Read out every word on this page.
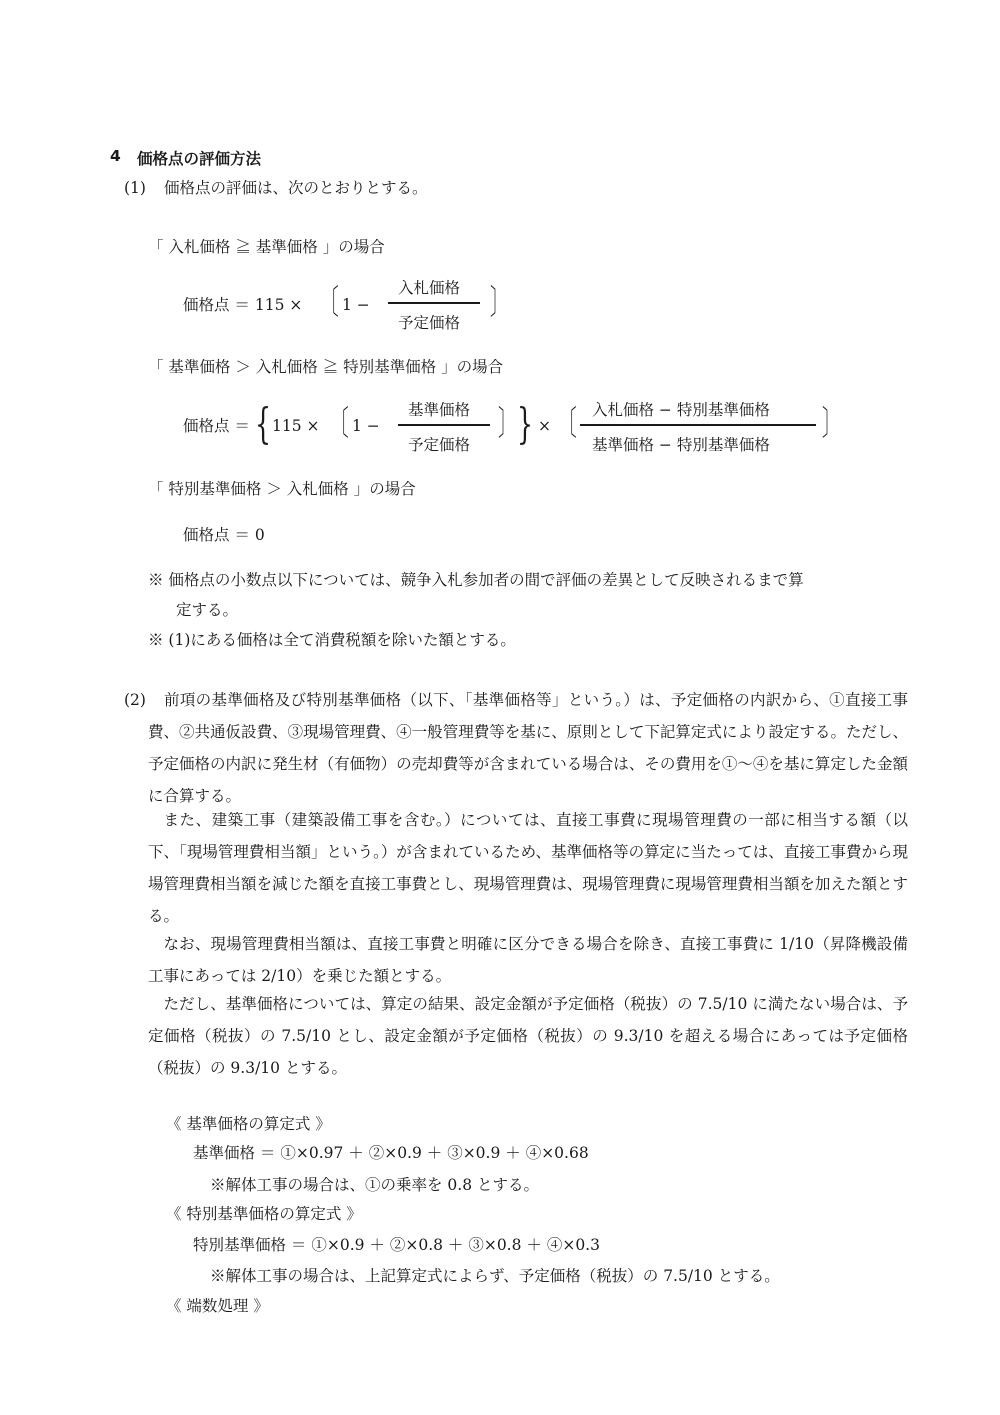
4 価格点の評価方法
(1) 価格点の評価は、次のとおりとする。
「 入札価格 ≧ 基準価格 」の場合
価格点 ＝ 115 × 〔 1 −
入札価格
予定価格 〕
「 基準価格 ＞ 入札価格 ≧ 特別基準価格 」の場合
価格点 ＝ { 115 × 〔 1 −
基準価格
予定価格
〕 } × 〔 入札価格 − 特別基準価格
基準価格 − 特別基準価格
〕
「 特別基準価格 ＞ 入札価格 」の場合
価格点 ＝ 0
※ 価格点の小数点以下については、競争入札参加者の間で評価の差異として反映されるまで算
定する。
※ (1)にある価格は全て消費税額を除いた額とする。
(2)	前項の基準価格及び特別基準価格（以下、「基準価格等」という。）は、予定価格の内訳から、①直接工事費、②共通仮設費、③現場管理費、④一般管理費等を基に、原則として下記算定式により設定する。ただし、予定価格の内訳に発生材（有価物）の売却費等が含まれている場合は、その費用を①～④を基に算定した金額に合算する。
また、建築工事（建築設備工事を含む。）については、直接工事費に現場管理費の一部に相当する額（以下、「現場管理費相当額」という。）が含まれているため、基準価格等の算定に当たっては、直接工事費から現場管理費相当額を減じた額を直接工事費とし、現場管理費は、現場管理費に現場管理費相当額を加えた額とする。
なお、現場管理費相当額は、直接工事費と明確に区分できる場合を除き、直接工事費に 1/10（昇降機設備工事にあっては 2/10）を乗じた額とする。
ただし、基準価格については、算定の結果、設定金額が予定価格（税抜）の 7.5/10 に満たない場合は、予定価格（税抜）の 7.5/10 とし、設定金額が予定価格（税抜）の 9.3/10 を超える場合にあっては予定価格（税抜）の 9.3/10 とする。
《 基準価格の算定式 》
基準価格 ＝ ①×0.97 ＋ ②×0.9 ＋ ③×0.9 ＋ ④×0.68
※解体工事の場合は、①の乗率を 0.8 とする。
《 特別基準価格の算定式 》
特別基準価格 ＝ ①×0.9 ＋ ②×0.8 ＋ ③×0.8 ＋ ④×0.3
※解体工事の場合は、上記算定式によらず、予定価格（税抜）の 7.5/10 とする。
《 端数処理 》
